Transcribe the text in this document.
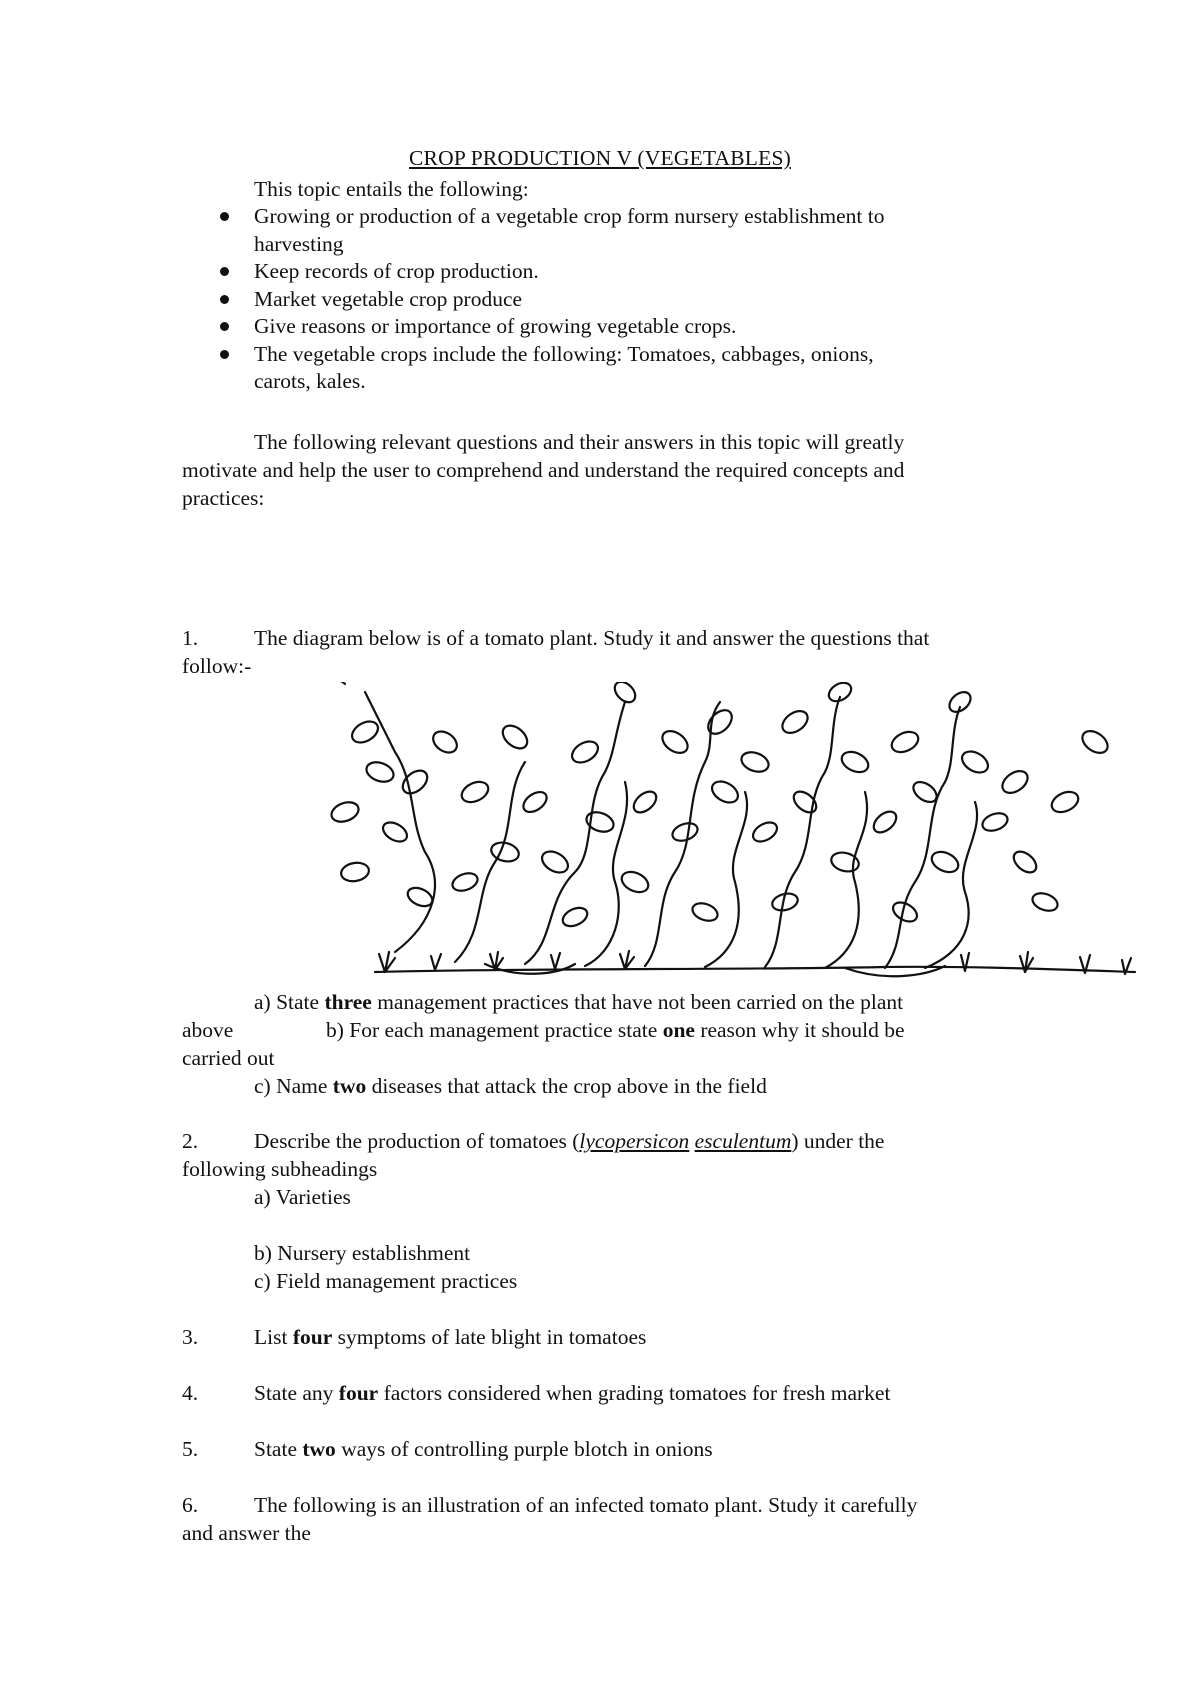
CROP PRODUCTION V (VEGETABLES)
This topic entails the following:
Growing or production of a vegetable crop form nursery establishment to
harvesting
Keep records of crop production.
Market vegetable crop produce
Give reasons or importance of growing vegetable crops.
The vegetable crops include the following: Tomatoes, cabbages, onions,
carots, kales.
The following relevant questions and their answers in this topic will greatly
motivate and help the user to comprehend and understand the required concepts and
practices:
1.	The diagram below is of a tomato plant. Study it and answer the questions that
follow:-
a) State three management practices that have not been carried on the plant
above	b) For each management practice state one reason why it should be
carried out
c) Name two diseases that attack the crop above in the field
2.	Describe the production of tomatoes (lycopersicon esculentum) under the
following subheadings
a) Varieties
b) Nursery establishment
c) Field management practices
3.	List four symptoms of late blight in tomatoes
4.	State any four factors considered when grading tomatoes for fresh market
5.	State two ways of controlling purple blotch in onions
6.	The following is an illustration of an infected tomato plant. Study it carefully
and answer the
